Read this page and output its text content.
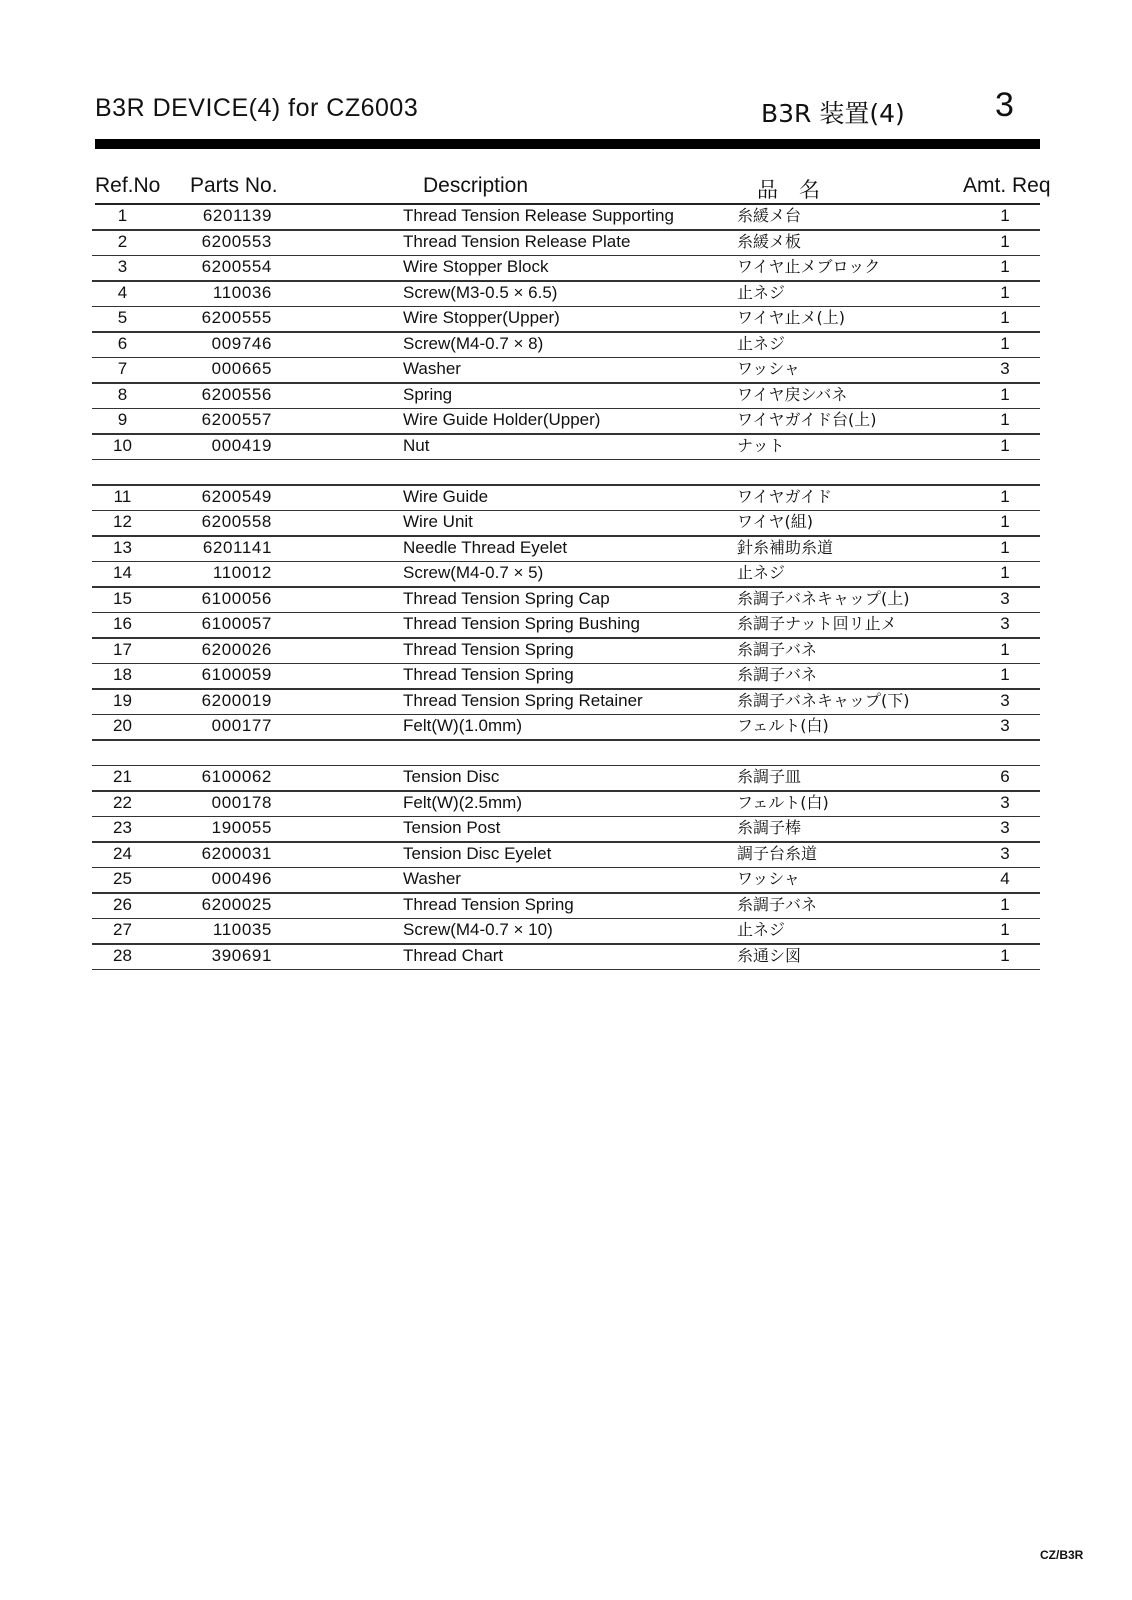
B3R DEVICE(4) for CZ6003	B3R 装置(4)	3
Ref.No Parts No.	Description	品　名	Amt. Req
1	6201139	Thread Tension Release Supporting	糸緩メ台	1
2	6200553	Thread Tension Release Plate	糸緩メ板	1
3	6200554	Wire Stopper Block	ワイヤ止メブロック	1
4	110036	Screw(M3-0.5 × 6.5)	止ネジ	1
5	6200555	Wire Stopper(Upper)	ワイヤ止メ(上)	1
6	009746	Screw(M4-0.7 × 8)	止ネジ	1
7	000665	Washer	ワッシャ	3
8	6200556	Spring	ワイヤ戻シバネ	1
9	6200557	Wire Guide Holder(Upper)	ワイヤガイド台(上)	1
10	000419	Nut	ナット	1
11	6200549	Wire Guide	ワイヤガイド	1
12	6200558	Wire Unit	ワイヤ(組)	1
13	6201141	Needle Thread Eyelet	針糸補助糸道	1
14	110012	Screw(M4-0.7 × 5)	止ネジ	1
15	6100056	Thread Tension Spring Cap	糸調子バネキャップ(上)	3
16	6100057	Thread Tension Spring Bushing	糸調子ナット回リ止メ	3
17	6200026	Thread Tension Spring	糸調子バネ	1
18	6100059	Thread Tension Spring	糸調子バネ	1
19	6200019	Thread Tension Spring Retainer	糸調子バネキャップ(下)	3
20	000177	Felt(W)(1.0mm)	フェルト(白)	3
21	6100062	Tension Disc	糸調子皿	6
22	000178	Felt(W)(2.5mm)	フェルト(白)	3
23	190055	Tension Post	糸調子棒	3
24	6200031	Tension Disc Eyelet	調子台糸道	3
25	000496	Washer	ワッシャ	4
26	6200025	Thread Tension Spring	糸調子バネ	1
27	110035	Screw(M4-0.7 × 10)	止ネジ	1
28	390691	Thread Chart	糸通シ図	1
CZ/B3R
